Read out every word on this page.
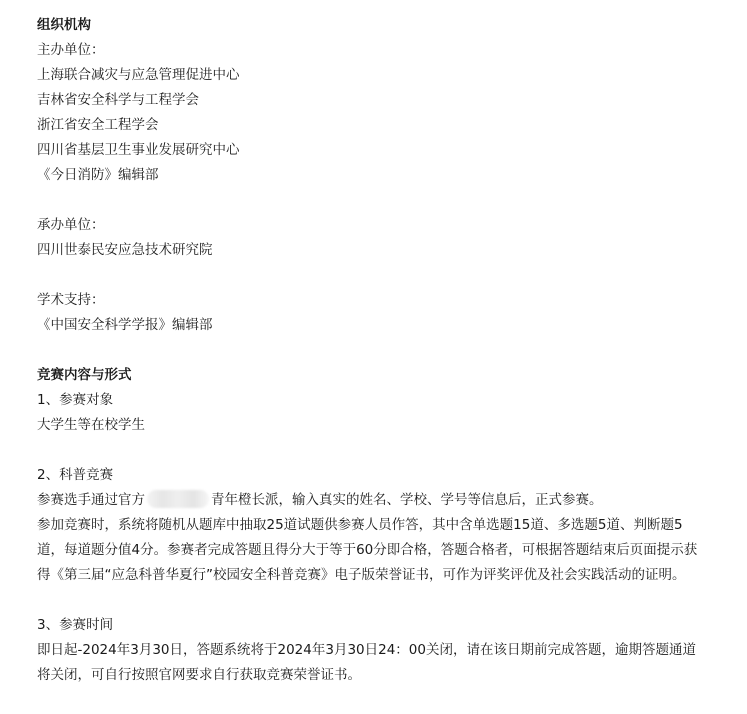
组织机构
主办单位：
上海联合减灾与应急管理促进中心
吉林省安全科学与工程学会
浙江省安全工程学会
四川省基层卫生事业发展研究中心
《今日消防》编辑部
承办单位：
四川世泰民安应急技术研究院
学术支持：
《中国安全科学学报》编辑部
竞赛内容与形式
1、参赛对象
大学生等在校学生
2、科普竞赛
参赛选手通过官方	青年橙长派，输入真实的姓名、学校、学号等信息后，正式参赛。
参加竞赛时，系统将随机从题库中抽取25道试题供参赛人员作答，其中含单选题15道、多选题5道、判断题5道，每道题分值4分。参赛者完成答题且得分大于等于60分即合格，答题合格者，可根据答题结束后页面提示获得《第三届“应急科普华夏行”校园安全科普竞赛》电子版荣誉证书，可作为评奖评优及社会实践活动的证明。
3、参赛时间
即日起-2024年3月30日，答题系统将于2024年3月30日24：00关闭，请在该日期前完成答题，逾期答题通道将关闭，可自行按照官网要求自行获取竞赛荣誉证书。
